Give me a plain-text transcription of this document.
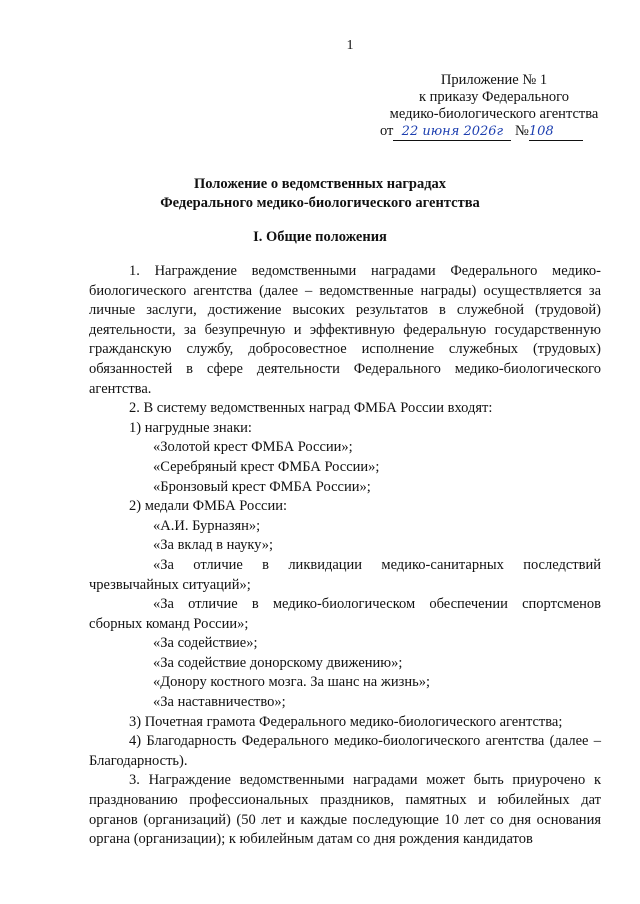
1
Приложение № 1
к приказу Федерального
медико-биологического агентства
от 22 июня 2026г №108
Положение о ведомственных наградах
Федерального медико-биологического агентства
I. Общие положения

1. Награждение ведомственными наградами Федерального медико-биологического агентства (далее – ведомственные награды) осуществляется за личные заслуги, достижение высоких результатов в служебной (трудовой) деятельности, за безупречную и эффективную федеральную государственную гражданскую службу, добросовестное исполнение служебных (трудовых) обязанностей в сфере деятельности Федерального медико-биологического агентства.

2. В систему ведомственных наград ФМБА России входят:

1) нагрудные знаки:

«Золотой крест ФМБА России»;

«Серебряный крест ФМБА России»;

«Бронзовый крест ФМБА России»;

2) медали ФМБА России:

«А.И. Бурназян»;

«За вклад в науку»;

«За отличие в ликвидации медико-санитарных последствий чрезвычайных ситуаций»;

«За отличие в медико-биологическом обеспечении спортсменов сборных команд России»;

«За содействие»;

«За содействие донорскому движению»;

«Донору костного мозга. За шанс на жизнь»;

«За наставничество»;

3) Почетная грамота Федерального медико-биологического агентства;

4) Благодарность Федерального медико-биологического агентства (далее – Благодарность).

3. Награждение ведомственными наградами может быть приурочено к празднованию профессиональных праздников, памятных и юбилейных дат органов (организаций) (50 лет и каждые последующие 10 лет со дня основания органа (организации); к юбилейным датам со дня рождения кандидатов
